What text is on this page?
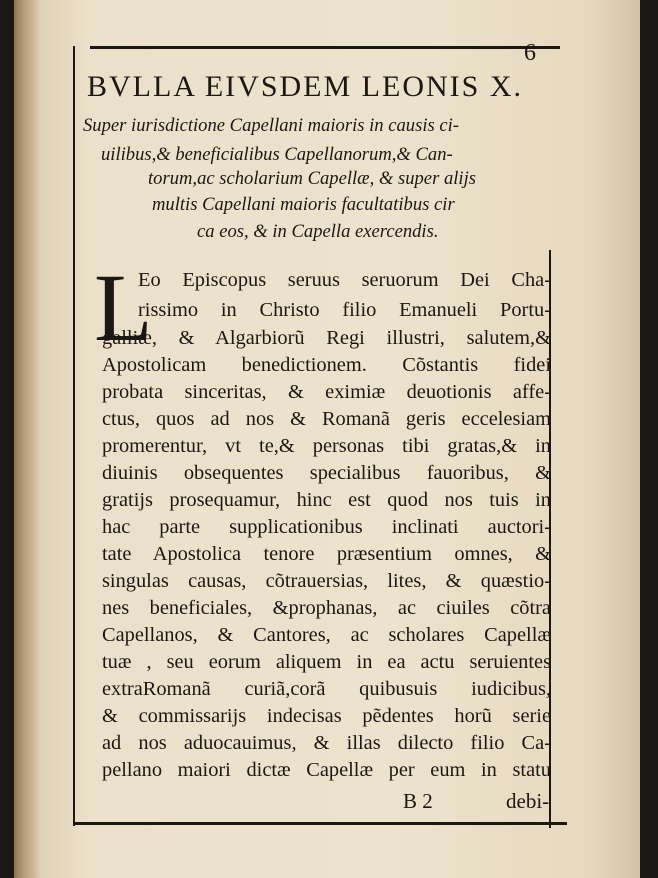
6
BVLLA EIVSDEM LEONIS X.
Super iurisdictione Capellani maioris in causis ci-
uilibus,& beneficialibus Capellanorum,& Can-
torum,ac scholarium Capellæ, & super alijs
multis Capellani maioris facultatibus cir
ca eos, & in Capella exercendis.
L
Eo Episcopus seruus seruorum Dei Cha-
rissimo in Christo filio Emanueli Portu-
galliæ, & Algarbiorũ Regi illustri, salutem,&
Apostolicam benedictionem. Cõstantis fidei
probata sinceritas, & eximiæ deuotionis affe-
ctus, quos ad nos & Romanã geris eccelesiam
promerentur, vt te,& personas tibi gratas,& in
diuinis obsequentes specialibus fauoribus, &
gratijs prosequamur, hinc est quod nos tuis in
hac parte supplicationibus inclinati auctori-
tate Apostolica tenore præsentium omnes, &
singulas causas, cõtrauersias, lites, & quæstio-
nes beneficiales, &prophanas, ac ciuiles cõtra
Capellanos, & Cantores, ac scholares Capellæ
tuæ , seu eorum aliquem in ea actu seruientes
extraRomanã curiã,corã quibusuis iudicibus,
& commissarijs indecisas pẽdentes horũ serie
ad nos aduocauimus, & illas dilecto filio Ca-
pellano maiori dictæ Capellæ per eum in statu
B 2	debi-
